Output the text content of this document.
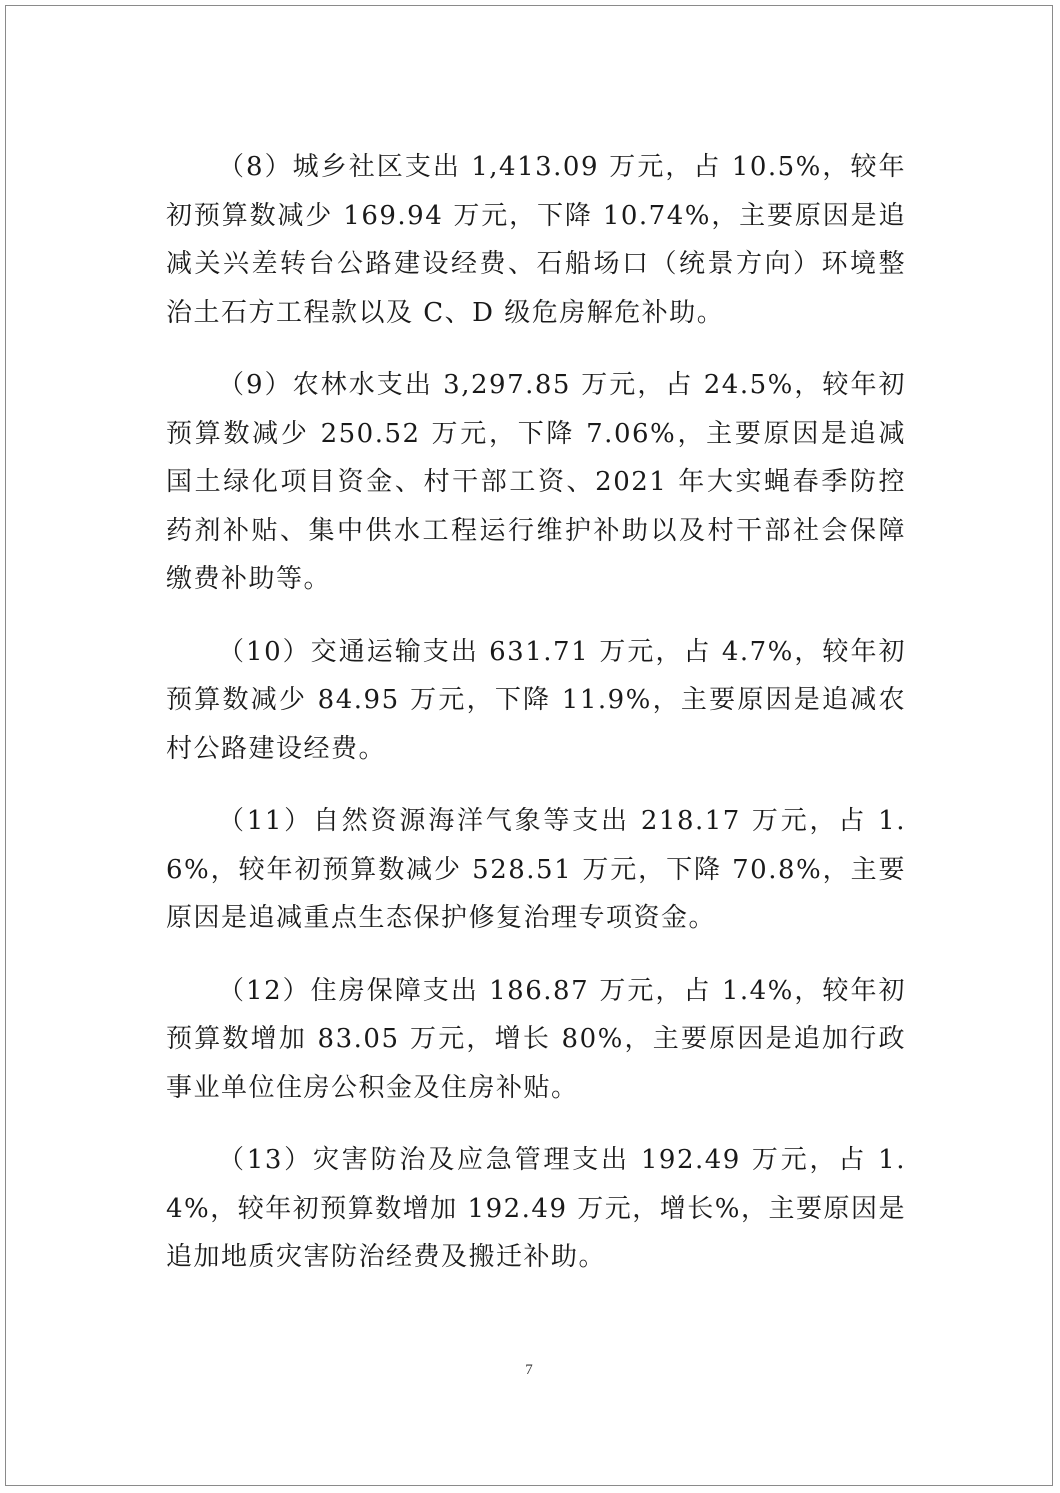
（8）城乡社区支出 1,413.09 万元，占 10.5%，较年初预算数减少 169.94 万元，下降 10.74%，主要原因是追减关兴差转台公路建设经费、石船场口（统景方向）环境整治土石方工程款以及 C、D 级危房解危补助。

（9）农林水支出 3,297.85 万元，占 24.5%，较年初预算数减少 250.52 万元，下降 7.06%，主要原因是追减国土绿化项目资金、村干部工资、2021 年大实蝇春季防控药剂补贴、集中供水工程运行维护补助以及村干部社会保障缴费补助等。

（10）交通运输支出 631.71 万元，占 4.7%，较年初预算数减少 84.95 万元，下降 11.9%，主要原因是追减农村公路建设经费。

（11）自然资源海洋气象等支出 218.17 万元，占 1.6%，较年初预算数减少 528.51 万元，下降 70.8%，主要原因是追减重点生态保护修复治理专项资金。

（12）住房保障支出 186.87 万元，占 1.4%，较年初预算数增加 83.05 万元，增长 80%，主要原因是追加行政事业单位住房公积金及住房补贴。

（13）灾害防治及应急管理支出 192.49 万元，占 1.4%，较年初预算数增加 192.49 万元，增长%，主要原因是追加地质灾害防治经费及搬迁补助。

7
